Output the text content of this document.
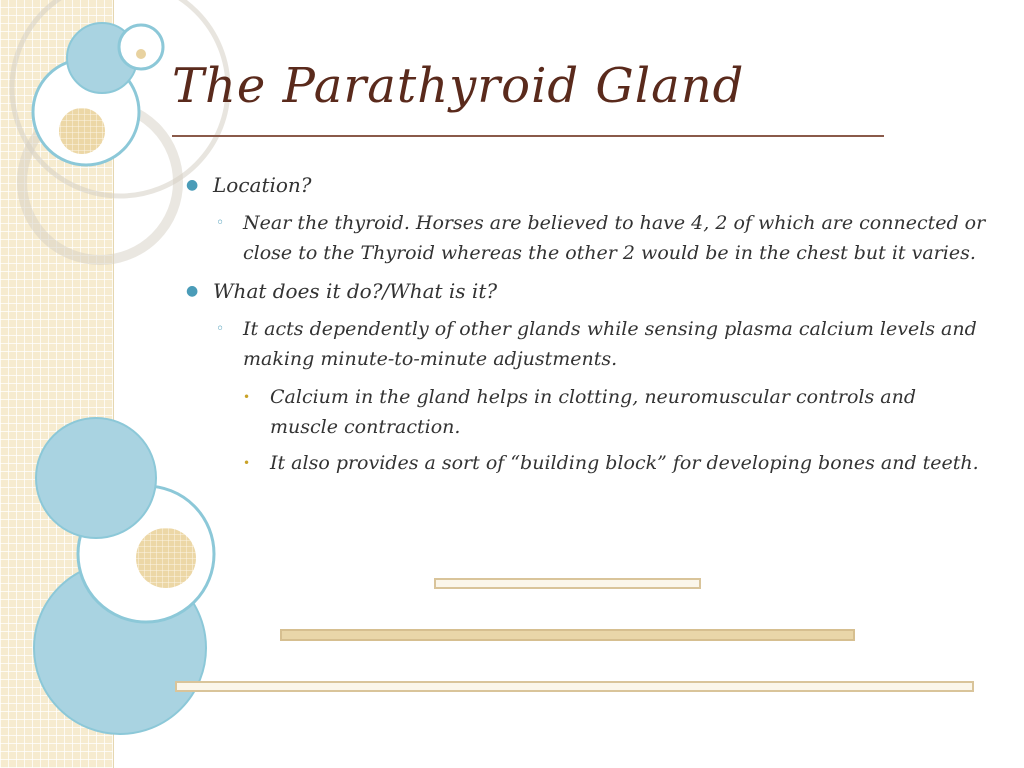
The Parathyroid Gland
● Location?
◦ Near the thyroid. Horses are believed to have 4, 2 of which are connected or close to the Thyroid whereas the other 2 would be in the chest but it varies.
● What does it do?/What is it?
◦ It acts dependently of other glands while sensing plasma calcium levels and making minute-to-minute adjustments.
• Calcium in the gland helps in clotting, neuromuscular controls and muscle contraction.
• It also provides a sort of “building block” for developing bones and teeth.
